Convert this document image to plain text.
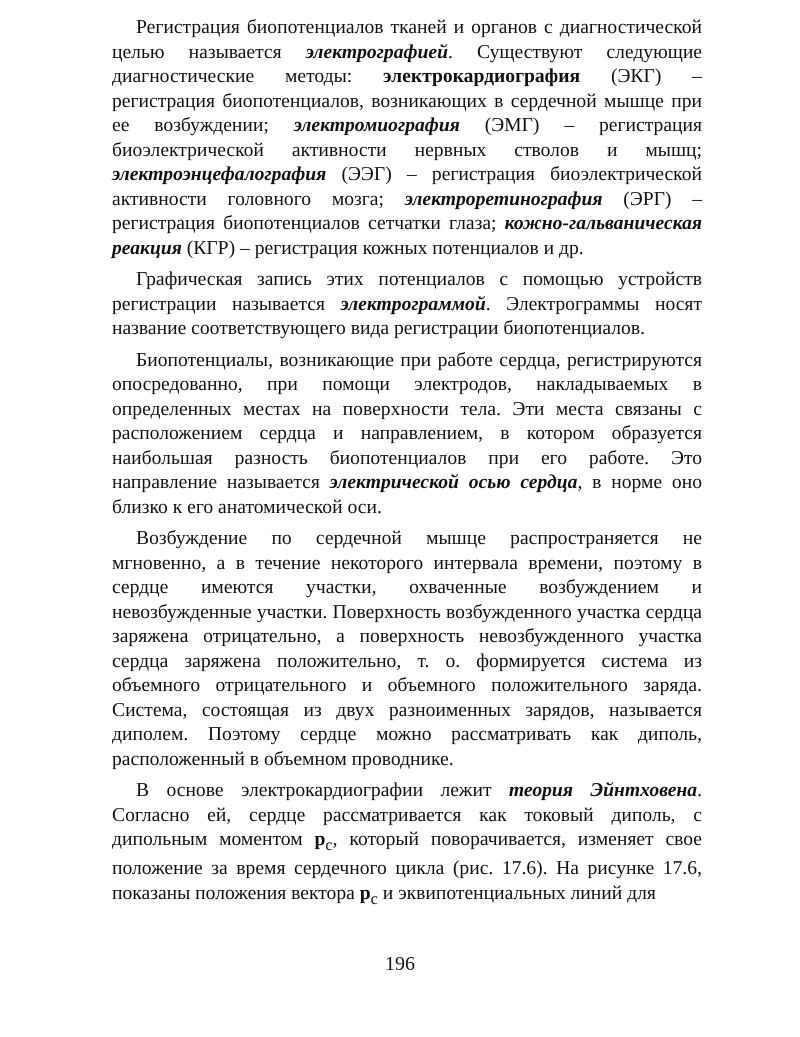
Регистрация биопотенциалов тканей и органов с диагностической целью называется электрографией. Существуют следующие диагностические методы: электрокардиография (ЭКГ) – регистрация биопотенциалов, возникающих в сердечной мышце при ее возбуждении; электромиография (ЭМГ) – регистрация биоэлектрической активности нервных стволов и мышц; электроэнцефалография (ЭЭГ) – регистрация биоэлектрической активности головного мозга; электроретинография (ЭРГ) – регистрация биопотенциалов сетчатки глаза; кожно-гальваническая реакция (КГР) – регистрация кожных потенциалов и др.

Графическая запись этих потенциалов с помощью устройств регистрации называется электрограммой. Электрограммы носят название соответствующего вида регистрации биопотенциалов.

Биопотенциалы, возникающие при работе сердца, регистрируются опосредованно, при помощи электродов, накладываемых в определенных местах на поверхности тела. Эти места связаны с расположением сердца и направлением, в котором образуется наибольшая разность биопотенциалов при его работе. Это направление называется электрической осью сердца, в норме оно близко к его анатомической оси.

Возбуждение по сердечной мышце распространяется не мгновенно, а в течение некоторого интервала времени, поэтому в сердце имеются участки, охваченные возбуждением и невозбужденные участки. Поверхность возбужденного участка сердца заряжена отрицательно, а поверхность невозбужденного участка сердца заряжена положительно, т. о. формируется система из объемного отрицательного и объемного положительного заряда. Система, состоящая из двух разноименных зарядов, называется диполем. Поэтому сердце можно рассматривать как диполь, расположенный в объемном проводнике.

В основе электрокардиографии лежит теория Эйнтховена. Согласно ей, сердце рассматривается как токовый диполь, с дипольным моментом $p_c$, который поворачивается, изменяет свое положение за время сердечного цикла (рис. 17.6). На рисунке 17.6, показаны положения вектора $p_c$ и эквипотенциальных линий для

196
